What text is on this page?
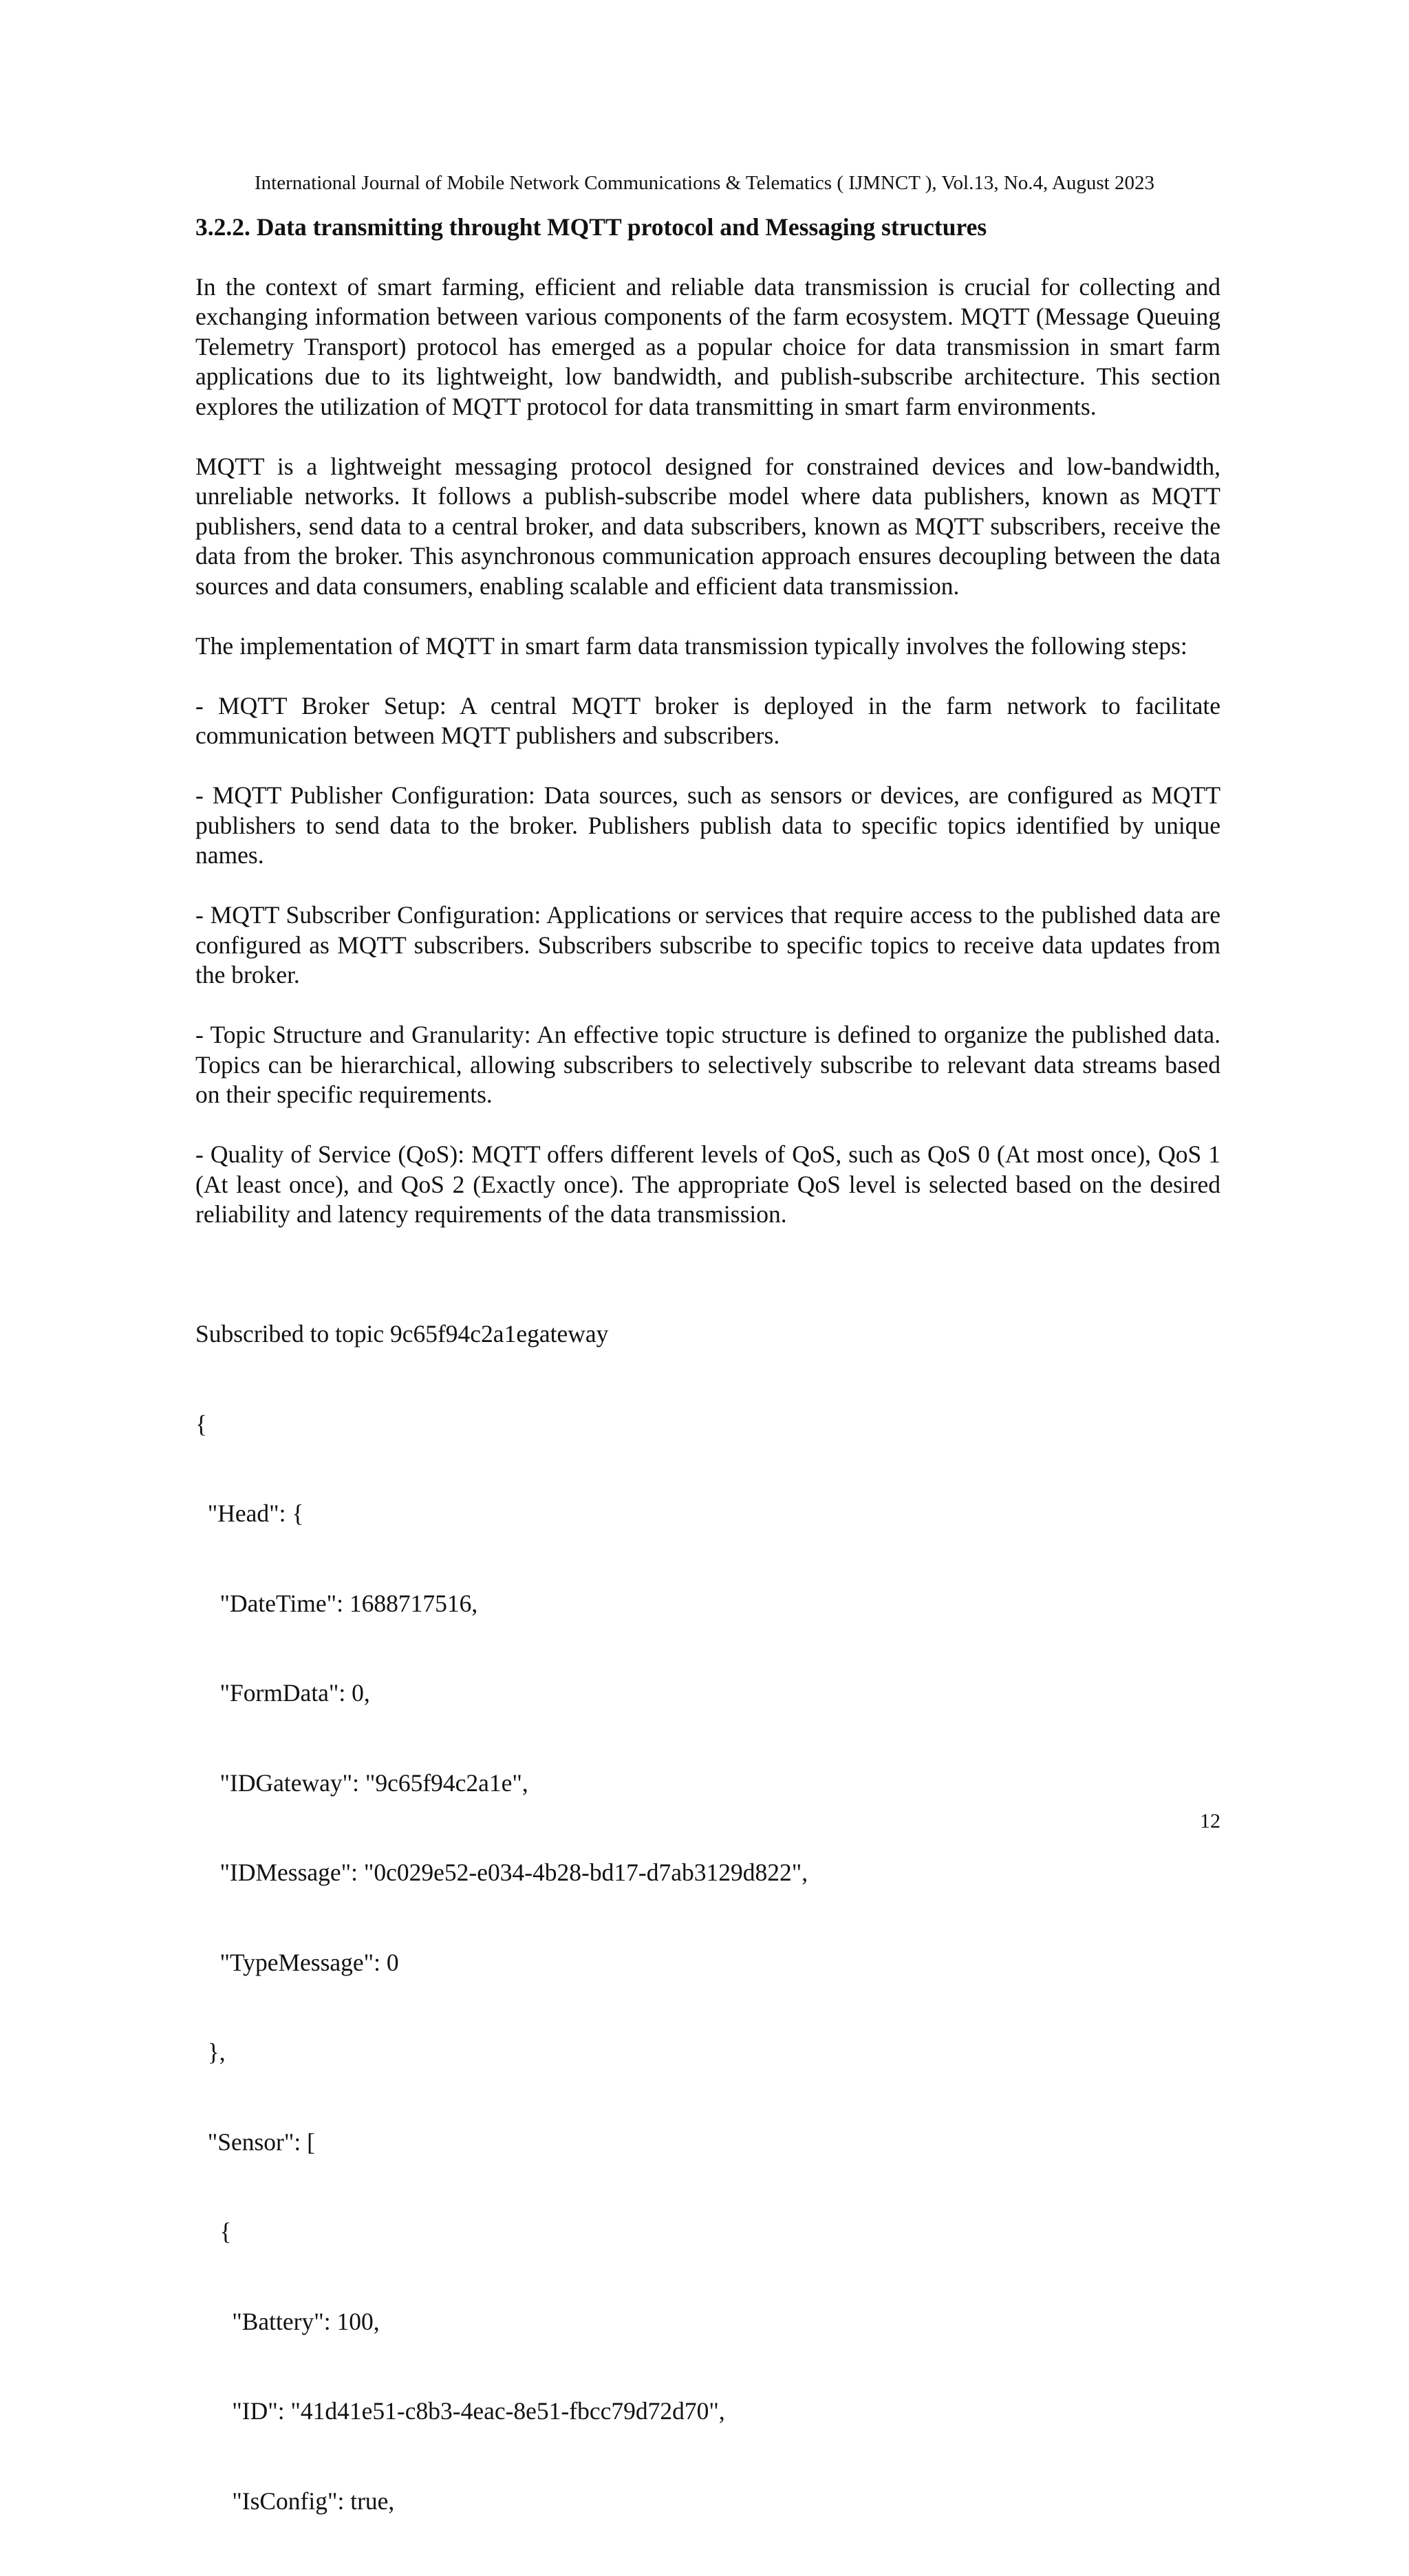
International Journal of Mobile Network Communications & Telematics ( IJMNCT ), Vol.13, No.4, August 2023
3.2.2. Data transmitting throught MQTT protocol and Messaging structures

In the context of smart farming, efficient and reliable data transmission is crucial for collecting and exchanging information between various components of the farm ecosystem. MQTT (Message Queuing Telemetry Transport) protocol has emerged as a popular choice for data transmission in smart farm applications due to its lightweight, low bandwidth, and publish-subscribe architecture. This section explores the utilization of MQTT protocol for data transmitting in smart farm environments.

MQTT is a lightweight messaging protocol designed for constrained devices and low-bandwidth, unreliable networks. It follows a publish-subscribe model where data publishers, known as MQTT publishers, send data to a central broker, and data subscribers, known as MQTT subscribers, receive the data from the broker. This asynchronous communication approach ensures decoupling between the data sources and data consumers, enabling scalable and efficient data transmission.

The implementation of MQTT in smart farm data transmission typically involves the following steps:

- MQTT Broker Setup: A central MQTT broker is deployed in the farm network to facilitate communication between MQTT publishers and subscribers.

- MQTT Publisher Configuration: Data sources, such as sensors or devices, are configured as MQTT publishers to send data to the broker. Publishers publish data to specific topics identified by unique names.

- MQTT Subscriber Configuration: Applications or services that require access to the published data are configured as MQTT subscribers. Subscribers subscribe to specific topics to receive data updates from the broker.

- Topic Structure and Granularity: An effective topic structure is defined to organize the published data. Topics can be hierarchical, allowing subscribers to selectively subscribe to relevant data streams based on their specific requirements.

- Quality of Service (QoS): MQTT offers different levels of QoS, such as QoS 0 (At most once), QoS 1 (At least once), and QoS 2 (Exactly once). The appropriate QoS level is selected based on the desired reliability and latency requirements of the data transmission.

Subscribed to topic 9c65f94c2a1egateway

{

"Head": {

"DateTime": 1688717516,

"FormData": 0,

"IDGateway": "9c65f94c2a1e",

"IDMessage": "0c029e52-e034-4b28-bd17-d7ab3129d822",

"TypeMessage": 0

},

"Sensor": [

{

"Battery": 100,

"ID": "41d41e51-c8b3-4eac-8e51-fbcc79d72d70",

"IsConfig": true,

12
